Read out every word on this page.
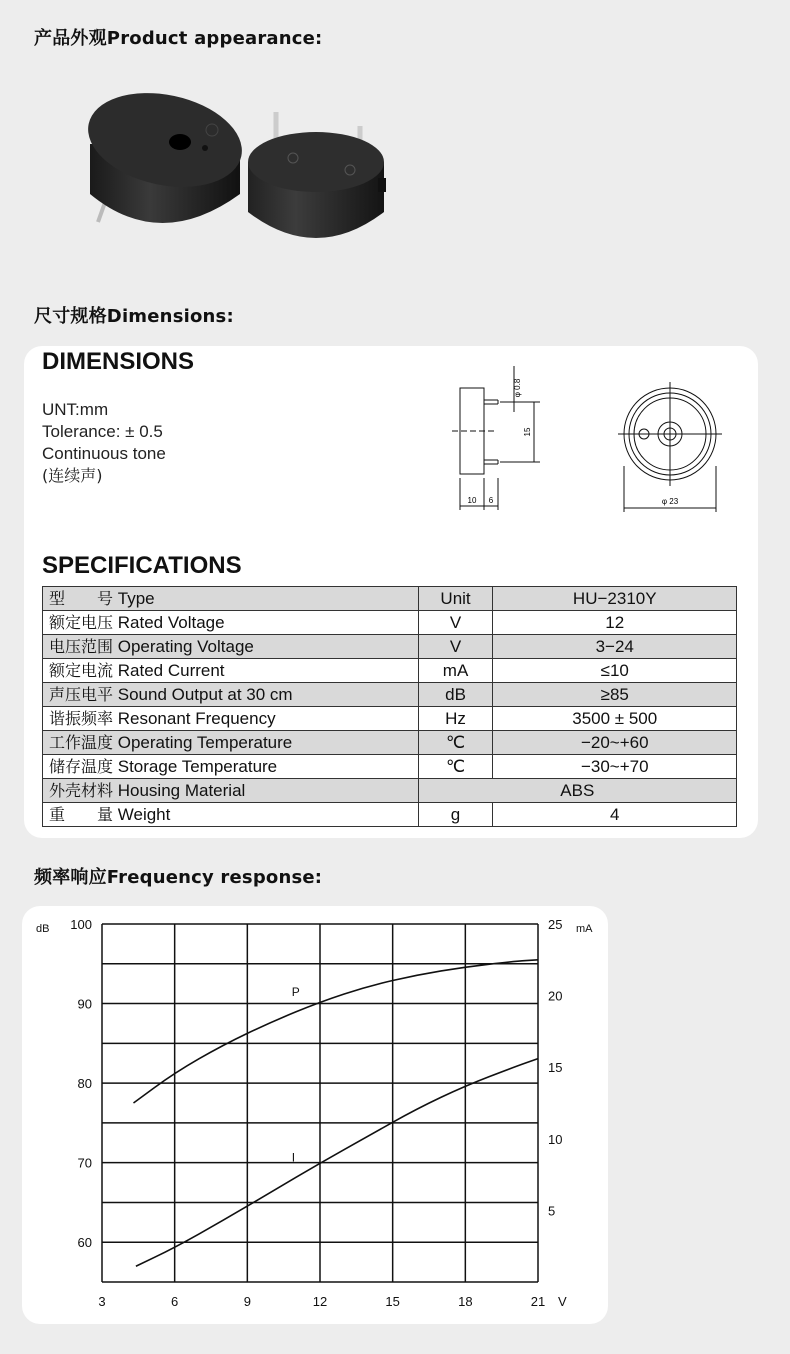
产品外观Product appearance:
尺寸规格Dimensions:
DIMENSIONS
UNT:mm
Tolerance: ± 0.5
Continuous tone
(连续声)
φ 0.8
15
10 6	φ 23
SPECIFICATIONS
型　　号 Type	Unit	HU−2310Y
额定电压 Rated Voltage	V	12
电压范围 Operating Voltage	V	3−24
额定电流 Rated Current	mA	≤10
声压电平 Sound Output at 30 cm	dB	≥85
谐振频率 Resonant Frequency	Hz	3500 ± 500
工作温度 Operating Temperature	℃	−20~+60
储存温度 Storage Temperature	℃	−30~+70
外壳材料 Housing Material	ABS	
重　　量 Weight	g	4
频率响应Frequency response:
3	6	9	12	15	18	21
60
70
80
90
100
5
10
15
20
25
dB	mA
V
P
I
